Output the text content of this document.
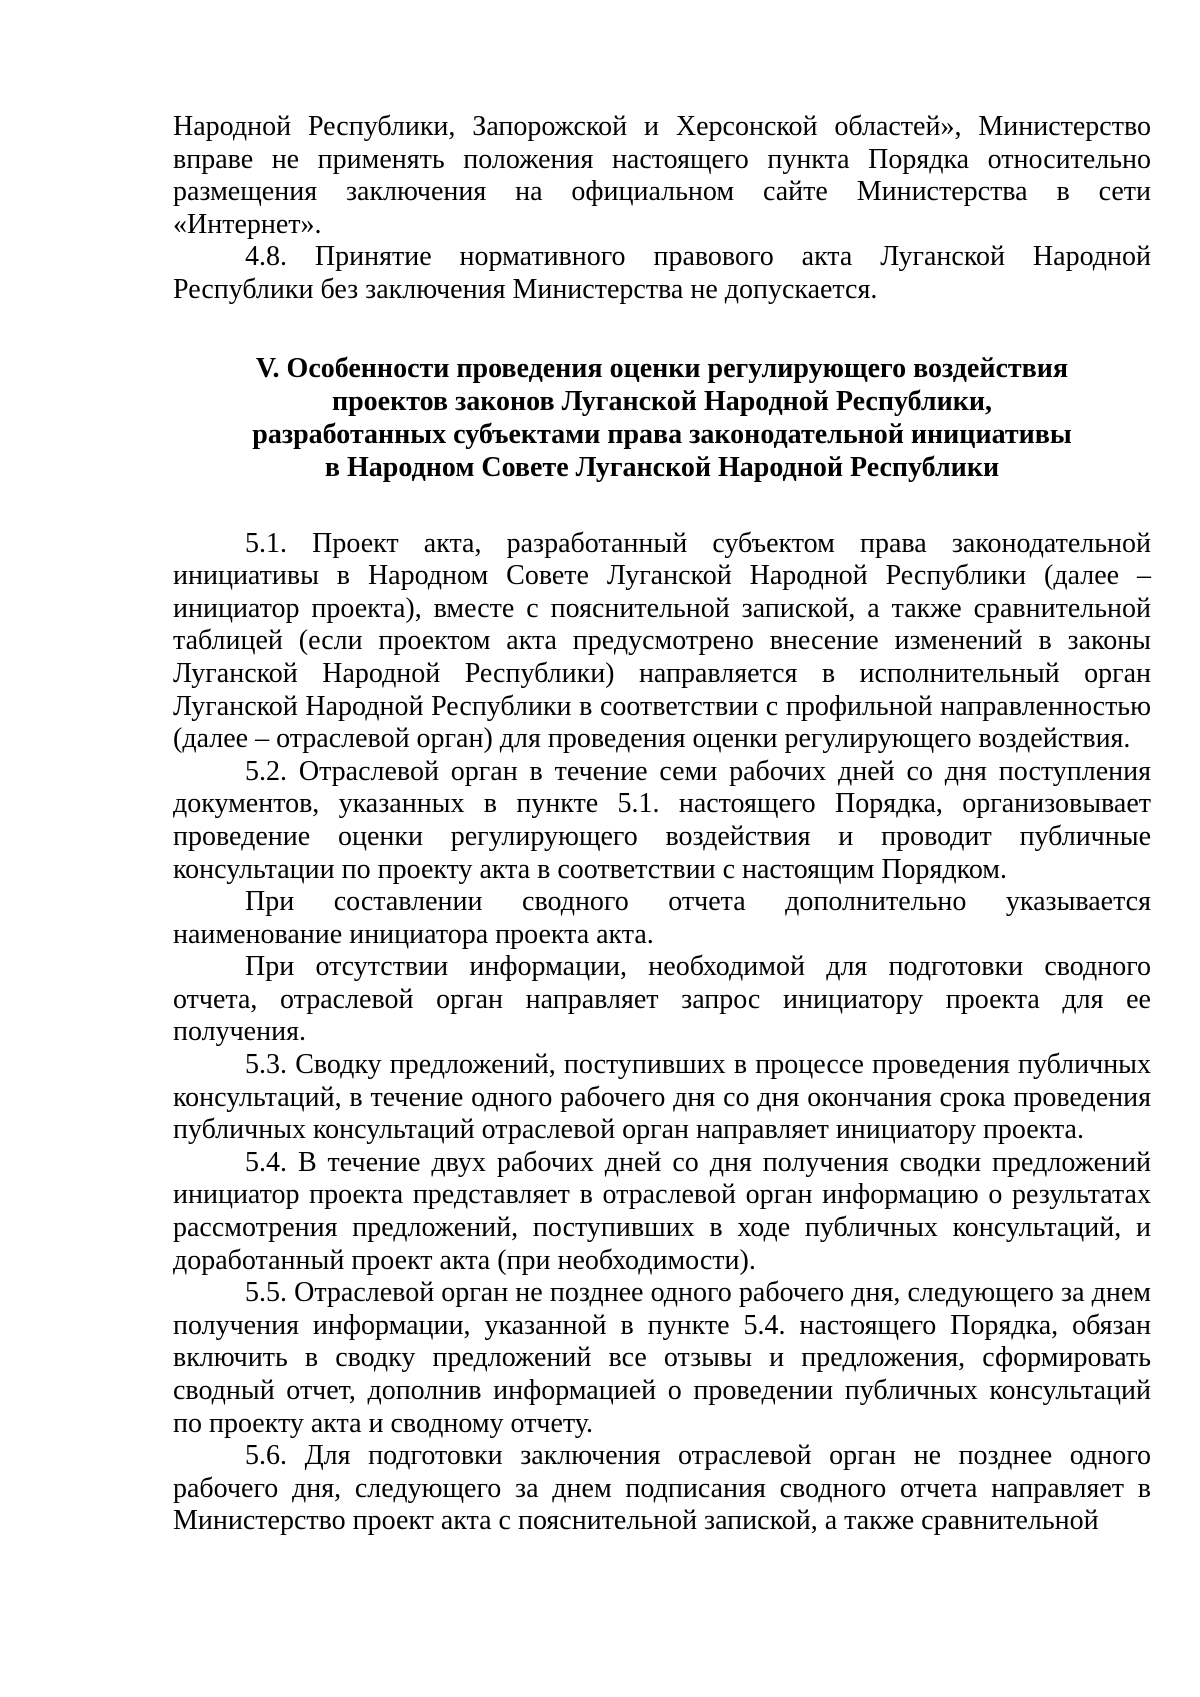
Народной Республики, Запорожской и Херсонской областей», Министерство вправе не применять положения настоящего пункта Порядка относительно размещения заключения на официальном сайте Министерства в сети «Интернет».

4.8. Принятие нормативного правового акта Луганской Народной Республики без заключения Министерства не допускается.

V. Особенности проведения оценки регулирующего воздействия
проектов законов Луганской Народной Республики,
разработанных субъектами права законодательной инициативы
в Народном Совете Луганской Народной Республики

5.1. Проект акта, разработанный субъектом права законодательной инициативы в Народном Совете Луганской Народной Республики (далее – инициатор проекта), вместе с пояснительной запиской, а также сравнительной таблицей (если проектом акта предусмотрено внесение изменений в законы Луганской Народной Республики) направляется в исполнительный орган Луганской Народной Республики в соответствии с профильной направленностью (далее – отраслевой орган) для проведения оценки регулирующего воздействия.

5.2. Отраслевой орган в течение семи рабочих дней со дня поступления документов, указанных в пункте 5.1. настоящего Порядка, организовывает проведение оценки регулирующего воздействия и проводит публичные консультации по проекту акта в соответствии с настоящим Порядком.

При составлении сводного отчета дополнительно указывается наименование инициатора проекта акта.

При отсутствии информации, необходимой для подготовки сводного отчета, отраслевой орган направляет запрос инициатору проекта для ее получения.

5.3. Сводку предложений, поступивших в процессе проведения публичных консультаций, в течение одного рабочего дня со дня окончания срока проведения публичных консультаций отраслевой орган направляет инициатору проекта.

5.4. В течение двух рабочих дней со дня получения сводки предложений инициатор проекта представляет в отраслевой орган информацию о результатах рассмотрения предложений, поступивших в ходе публичных консультаций, и доработанный проект акта (при необходимости).

5.5. Отраслевой орган не позднее одного рабочего дня, следующего за днем получения информации, указанной в пункте 5.4. настоящего Порядка, обязан включить в сводку предложений все отзывы и предложения, сформировать сводный отчет, дополнив информацией о проведении публичных консультаций по проекту акта и сводному отчету.

5.6. Для подготовки заключения отраслевой орган не позднее одного рабочего дня, следующего за днем подписания сводного отчета направляет в Министерство проект акта с пояснительной запиской, а также сравнительной
